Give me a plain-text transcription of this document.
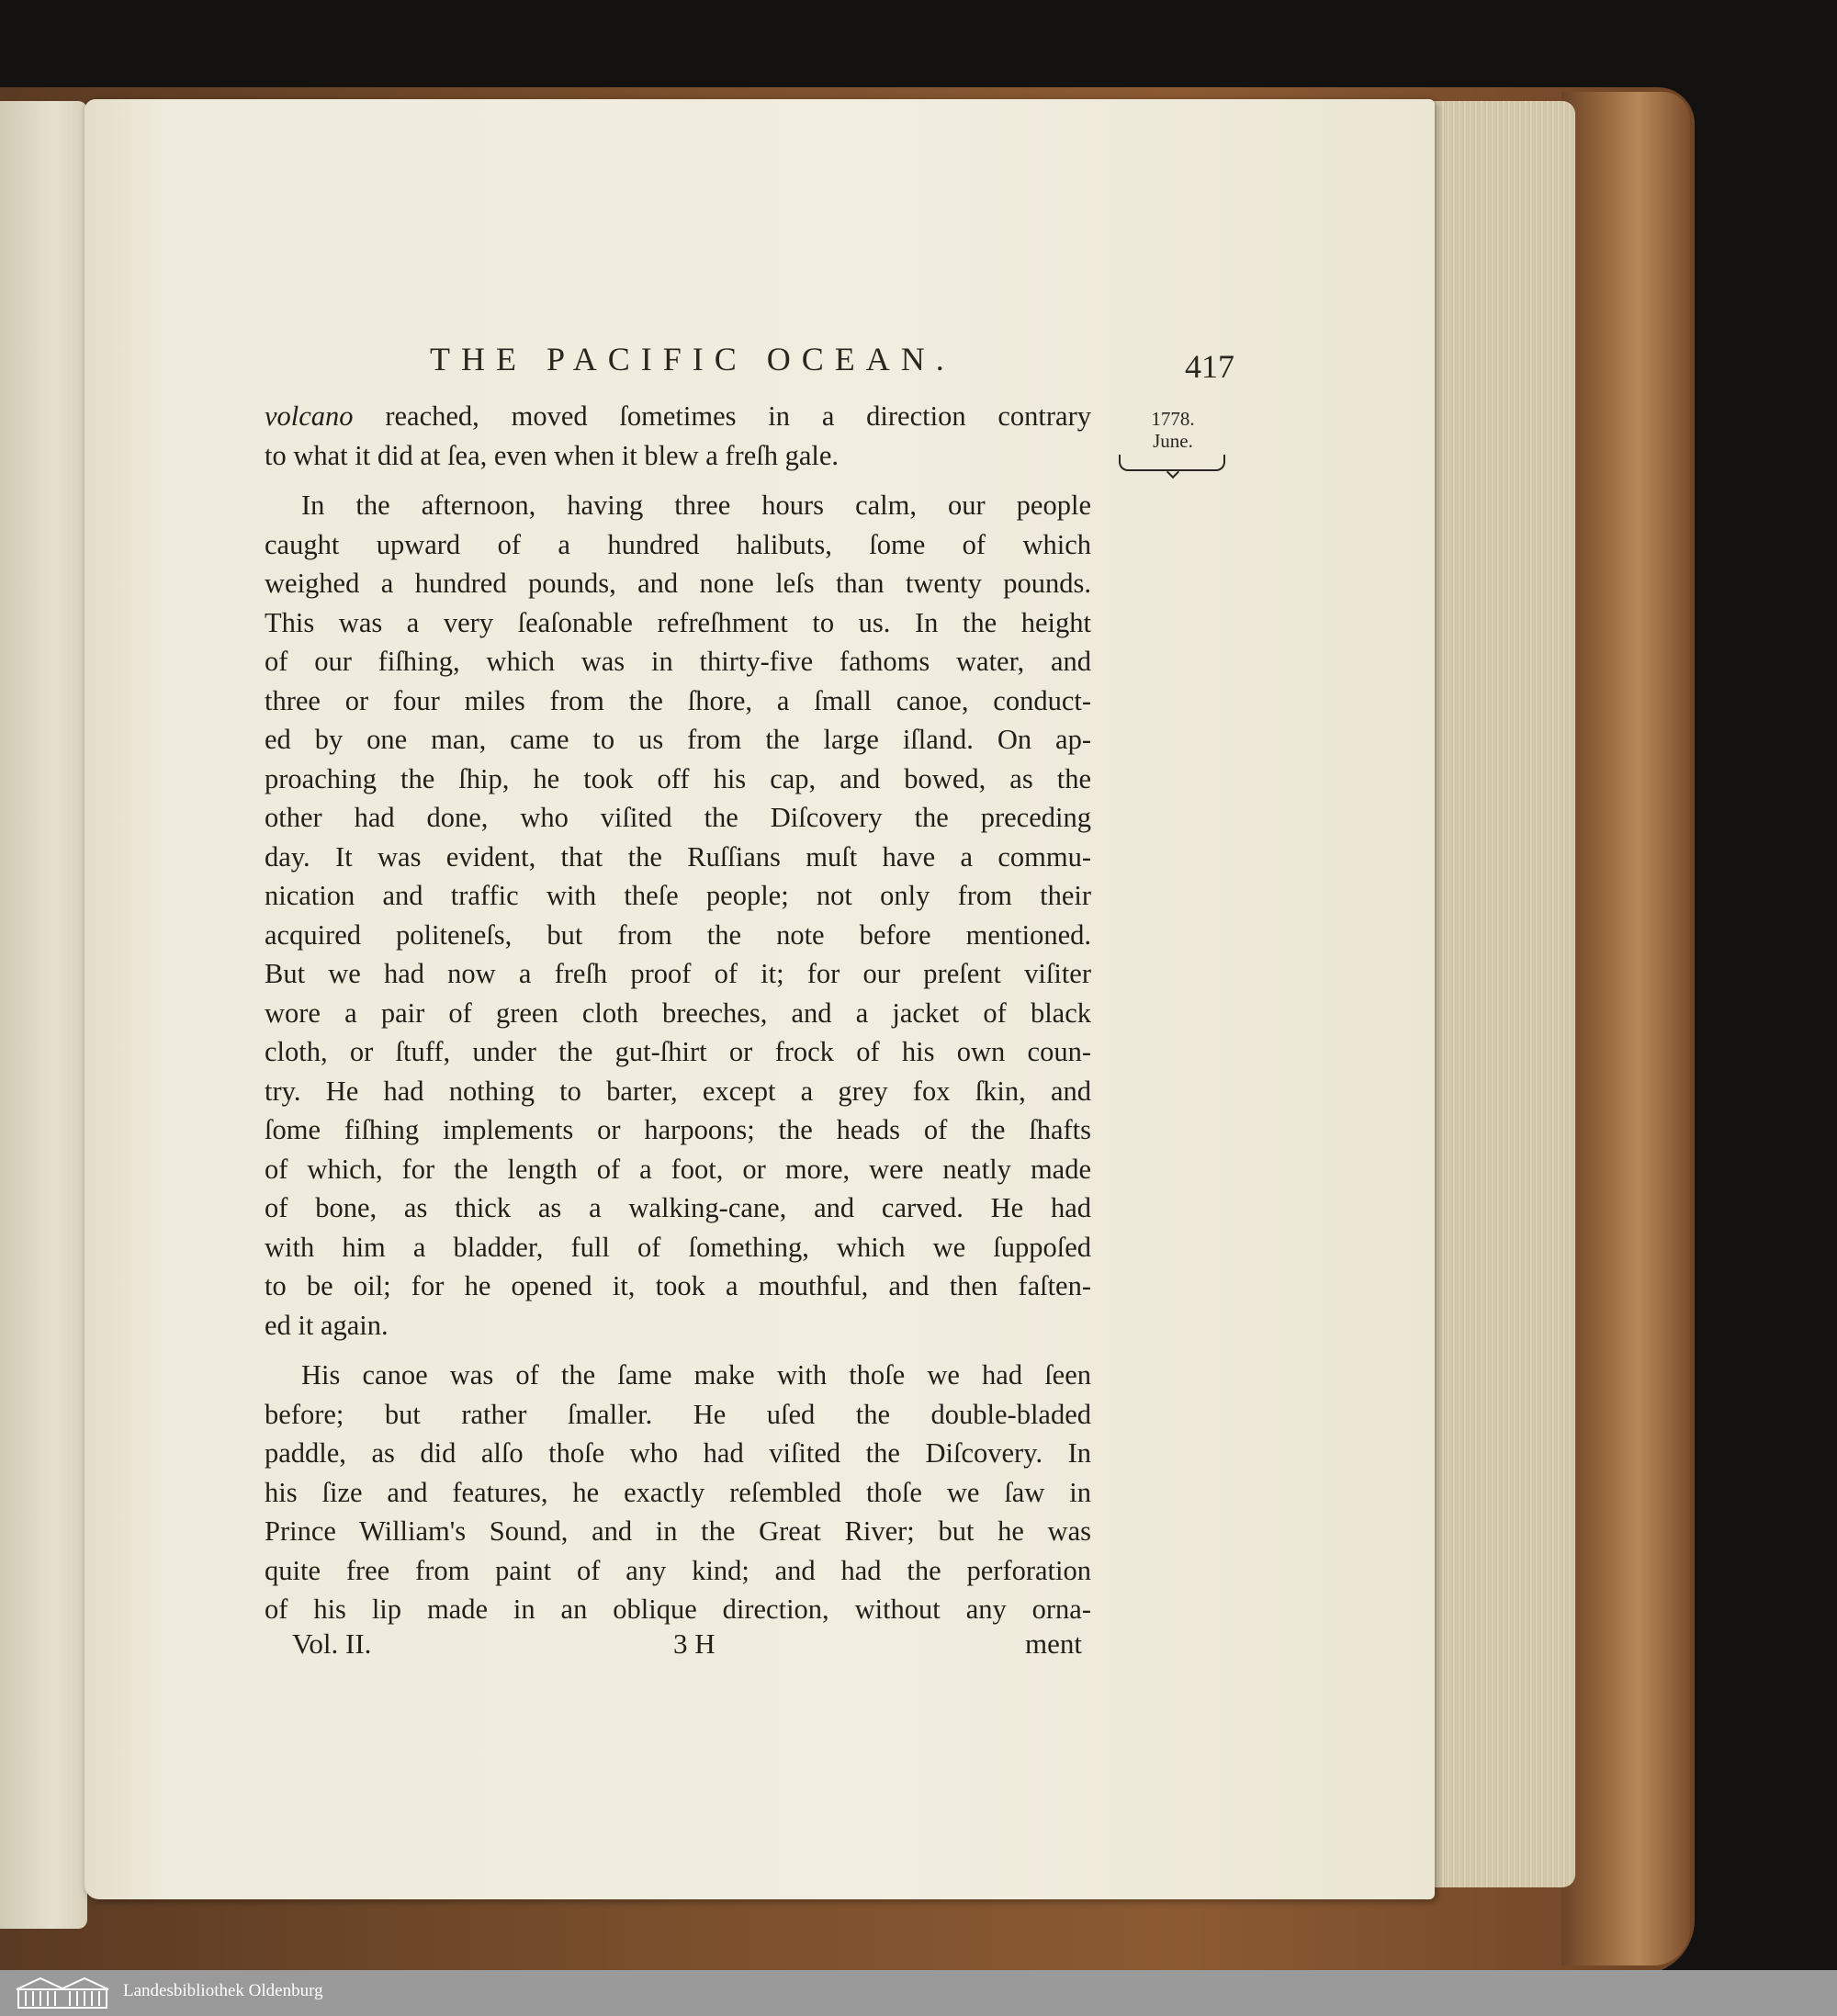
THE PACIFIC OCEAN.	417
1778.
June.
volcano reached, moved ſometimes in a direction contrary
to what it did at ſea, even when it blew a freſh gale.
In the afternoon, having three hours calm, our people
caught upward of a hundred halibuts, ſome of which
weighed a hundred pounds, and none leſs than twenty pounds.
This was a very ſeaſonable refreſhment to us. In the height
of our fiſhing, which was in thirty-five fathoms water, and
three or four miles from the ſhore, a ſmall canoe, conduct-
ed by one man, came to us from the large iſland. On ap-
proaching the ſhip, he took off his cap, and bowed, as the
other had done, who viſited the Diſcovery the preceding
day. It was evident, that the Ruſſians muſt have a commu-
nication and traffic with theſe people; not only from their
acquired politeneſs, but from the note before mentioned.
But we had now a freſh proof of it; for our preſent viſiter
wore a pair of green cloth breeches, and a jacket of black
cloth, or ſtuff, under the gut-ſhirt or frock of his own coun-
try. He had nothing to barter, except a grey fox ſkin, and
ſome fiſhing implements or harpoons; the heads of the ſhafts
of which, for the length of a foot, or more, were neatly made
of bone, as thick as a walking-cane, and carved. He had
with him a bladder, full of ſomething, which we ſuppoſed
to be oil; for he opened it, took a mouthful, and then faſten-
ed it again.
His canoe was of the ſame make with thoſe we had ſeen
before; but rather ſmaller. He uſed the double-bladed
paddle, as did alſo thoſe who had viſited the Diſcovery. In
his ſize and features, he exactly reſembled thoſe we ſaw in
Prince William's Sound, and in the Great River; but he was
quite free from paint of any kind; and had the perforation
of his lip made in an oblique direction, without any orna-
Vol. II.	3 H	ment
Landesbibliothek Oldenburg
